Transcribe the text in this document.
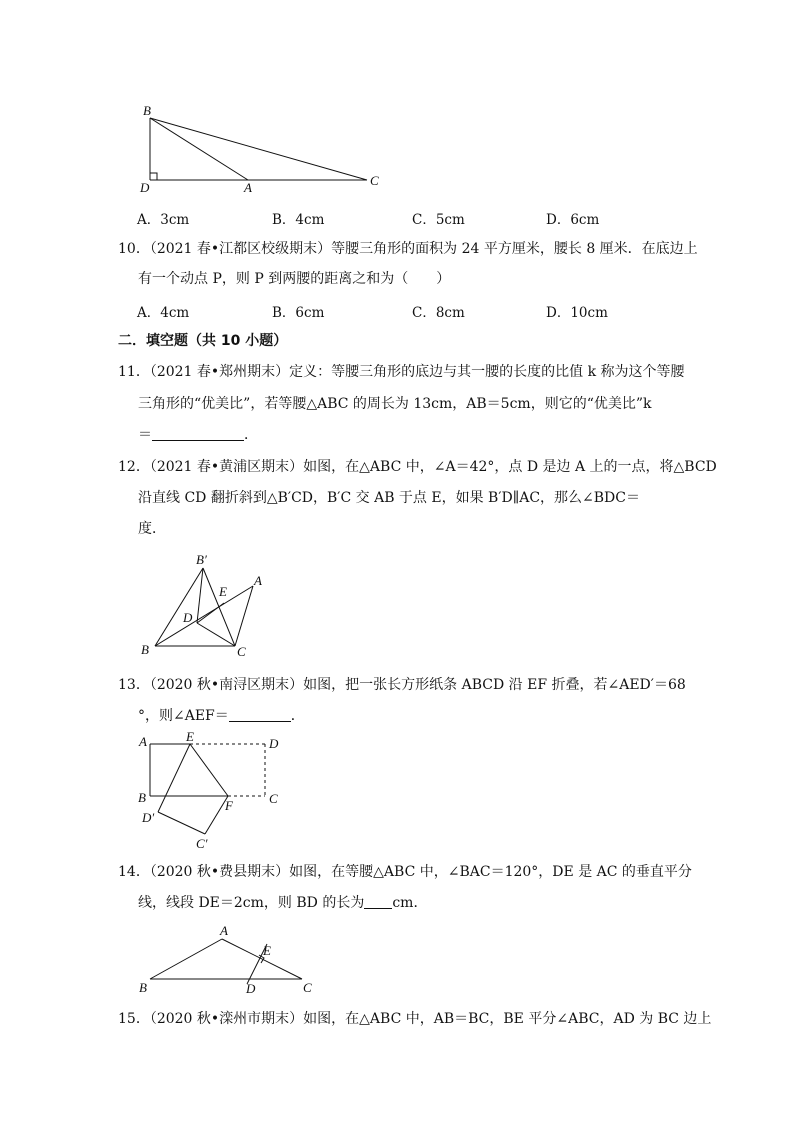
B
D	A	C
A．3cm	B．4cm	C．5cm	D．6cm
10．（2021 春•江都区校级期末）等腰三角形的面积为 24 平方厘米，腰长 8 厘米．在底边上
有一个动点 P，则 P 到两腰的距离之和为（　　）
A．4cm	B．6cm	C．8cm	D．10cm
二．填空题（共 10 小题）
11．（2021 春•郑州期末）定义：等腰三角形的底边与其一腰的长度的比值 k 称为这个等腰
三角形的“优美比”，若等腰△ABC 的周长为 13cm，AB＝5cm，则它的“优美比”k
＝	．
12．（2021 春•黄浦区期末）如图，在△ABC 中，∠A＝42°，点 D 是边 A 上的一点，将△BCD
沿直线 CD 翻折斜到△B′CD，B′C 交 AB 于点 E，如果 B′D∥AC，那么∠BDC＝
度．
B′
E
A
D
B	C
13．（2020 秋•南浔区期末）如图，把一张长方形纸条 ABCD 沿 EF 折叠，若∠AED′＝68
°，则∠AEF＝	．
A	E	D
B
F	C
D′
C′
14．（2020 秋•费县期末）如图，在等腰△ABC 中，∠BAC＝120°，DE 是 AC 的垂直平分
线，线段 DE＝2cm，则 BD 的长为 cm．
A
E
B	D	C
15．（2020 秋•滦州市期末）如图，在△ABC 中，AB＝BC，BE 平分∠ABC，AD 为 BC 边上
